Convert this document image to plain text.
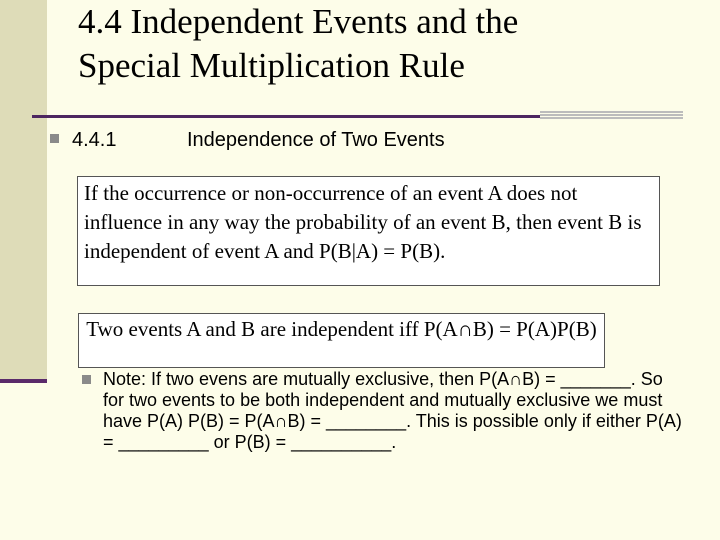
4.4 Independent Events and the
Special Multiplication Rule
4.4.1	Independence of Two Events
If the occurrence or non-occurrence of an event A does not influence in any way the probability of an event B, then event B is independent of event A and P(B|A) = P(B).
Two events A and B are independent iff P(A∩B) = P(A)P(B)
Note: If two evens are mutually exclusive, then P(A∩B) = _______. So for two events to be both independent and mutually exclusive we must have P(A) P(B) = P(A∩B) = ________. This is possible only if either P(A) = _________ or P(B) = __________.
